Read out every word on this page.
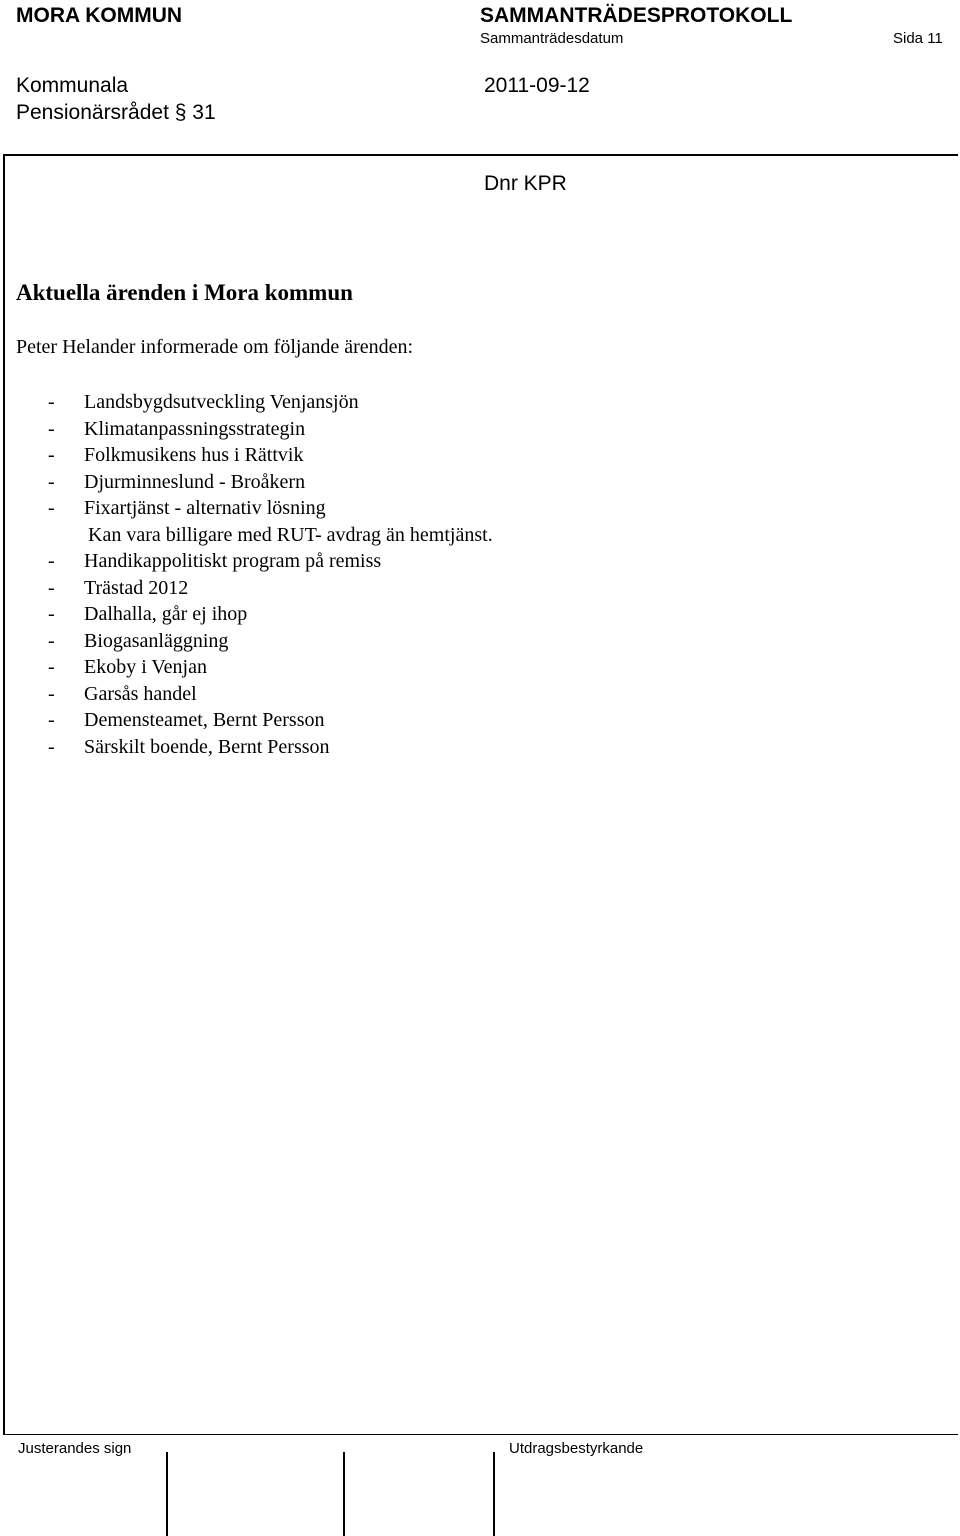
MORA KOMMUN	SAMMANTRÄDESPROTOKOLL
Sammanträdesdatum	Sida 11
Kommunala	2011-09-12
Pensionärsrådet § 31
Dnr KPR
Aktuella ärenden i Mora kommun
Peter Helander informerade om följande ärenden:
- Landsbygdsutveckling Venjansjön
- Klimatanpassningsstrategin
- Folkmusikens hus i Rättvik
- Djurminneslund - Broåkern
- Fixartjänst - alternativ lösning
Kan vara billigare med RUT- avdrag än hemtjänst.
- Handikappolitiskt program på remiss
- Trästad 2012
- Dalhalla, går ej ihop
- Biogasanläggning
- Ekoby i Venjan
- Garsås handel
- Demensteamet, Bernt Persson
- Särskilt boende, Bernt Persson
Justerandes sign	Utdragsbestyrkande
